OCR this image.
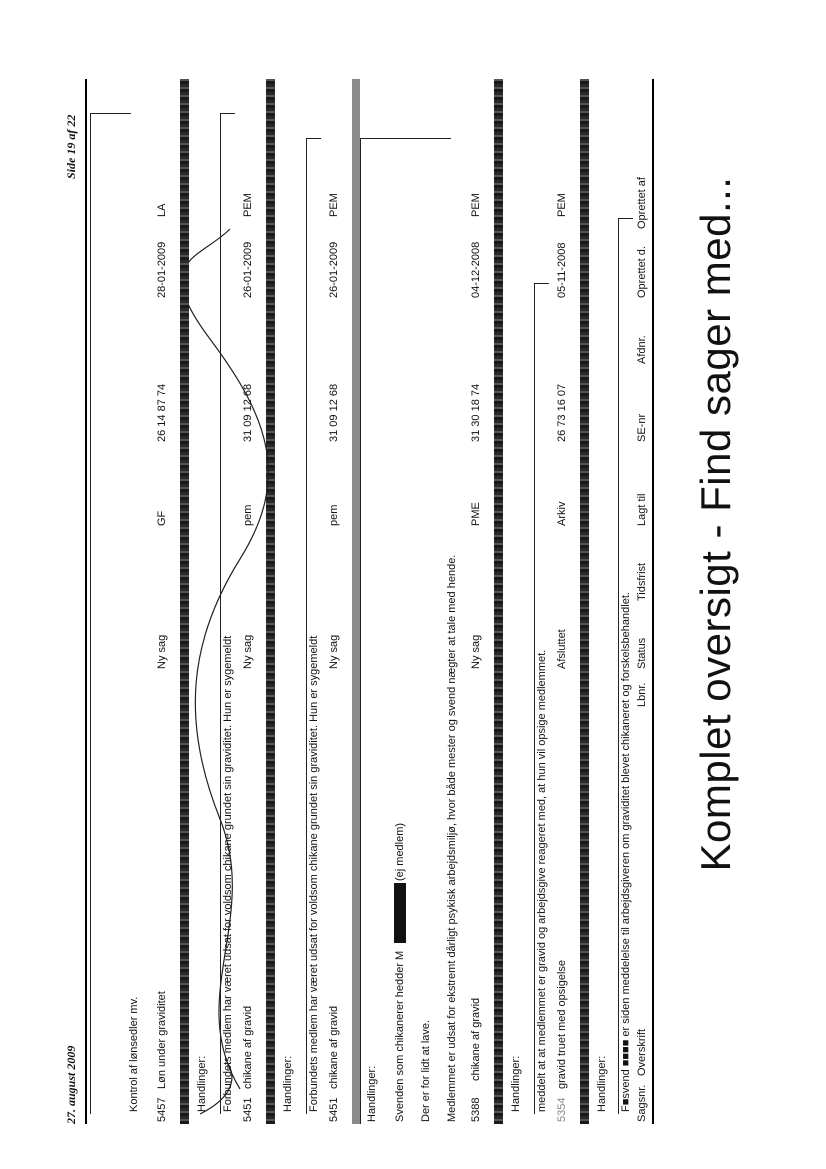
Komplet oversigt - Find sager med...
Sagsnr.
Overskrift
Lbnr.
Status
Tidsfrist
Lagt til
SE-nr
Afdnr.
Oprettet d.
Oprettet af
F■svend ■■■■ er siden meddelelse til arbejdsgiveren om graviditet blevet chikaneret og forskelsbehandlet.
Handlinger:
5354
gravid truet med opsigelse
Afsluttet
Arkiv
26 73 16 07
05-11-2008
PEM
meddelt at at medlemmet er gravid og arbejdsgive reageret med, at hun vil opsige medlemmet.
Handlinger:
5388
chikane af gravid
Ny sag
PME
31 30 18 74
04-12-2008
PEM
Medlemmet er udsat for ekstremt dårligt psykisk arbejdsmiljø, hvor både mester og svend nægter at tale med hende.
Der er for lidt at lave.
Svenden som chikanerer hedder M
(ej medlem)
Handlinger:
5451
chikane af gravid
Ny sag
pem
31 09 12 68
26-01-2009
PEM
Forbundets medlem har været udsat for voldsom chikane grundet sin graviditet. Hun er sygemeldt
Handlinger:
5451
chikane af gravid
Ny sag
pem
31 09 12 68
26-01-2009
PEM
Forbundets medlem har været udsat for voldsom chikane grundet sin graviditet. Hun er sygemeldt
Handlinger:
5457
Løn under graviditet
Ny sag
GF
26 14 87 74
28-01-2009
LA
Kontrol af lønsedler mv.
27. august 2009
Side 19 af 22
